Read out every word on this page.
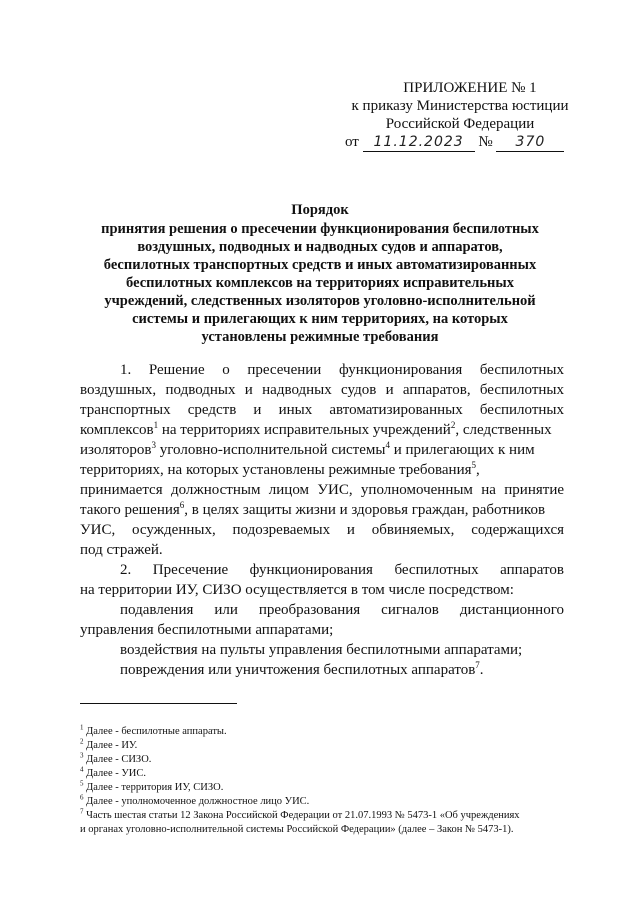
ПРИЛОЖЕНИЕ № 1
к приказу Министерства юстиции
Российской Федерации
от 11.12.2023 № 370
Порядок
принятия решения о пресечении функционирования беспилотных
воздушных, подводных и надводных судов и аппаратов,
беспилотных транспортных средств и иных автоматизированных
беспилотных комплексов на территориях исправительных
учреждений, следственных изоляторов уголовно-исполнительной
системы и прилегающих к ним территориях, на которых
установлены режимные требования
1. Решение о пресечении функционирования беспилотных
воздушных, подводных и надводных судов и аппаратов, беспилотных
транспортных средств и иных автоматизированных беспилотных
комплексов$^1$ на территориях исправительных учреждений$^2$, следственных
изоляторов$^3$ уголовно-исполнительной системы$^4$ и прилегающих к ним
территориях, на которых установлены режимные требования$^5$,
принимается должностным лицом УИС, уполномоченным на принятие
такого решения$^6$, в целях защиты жизни и здоровья граждан, работников
УИС, осужденных, подозреваемых и обвиняемых, содержащихся
под стражей.
2. Пресечение функционирования беспилотных аппаратов
на территории ИУ, СИЗО осуществляется в том числе посредством:
подавления или преобразования сигналов дистанционного
управления беспилотными аппаратами;
воздействия на пульты управления беспилотными аппаратами;
повреждения или уничтожения беспилотных аппаратов$^7$.
$^1$ Далее - беспилотные аппараты.
$^2$ Далее - ИУ.
$^3$ Далее - СИЗО.
$^4$ Далее - УИС.
$^5$ Далее - территория ИУ, СИЗО.
$^6$ Далее - уполномоченное должностное лицо УИС.
$^7$ Часть шестая статьи 12 Закона Российской Федерации от 21.07.1993 № 5473-1 «Об учреждениях
и органах уголовно-исполнительной системы Российской Федерации» (далее – Закон № 5473-1).
